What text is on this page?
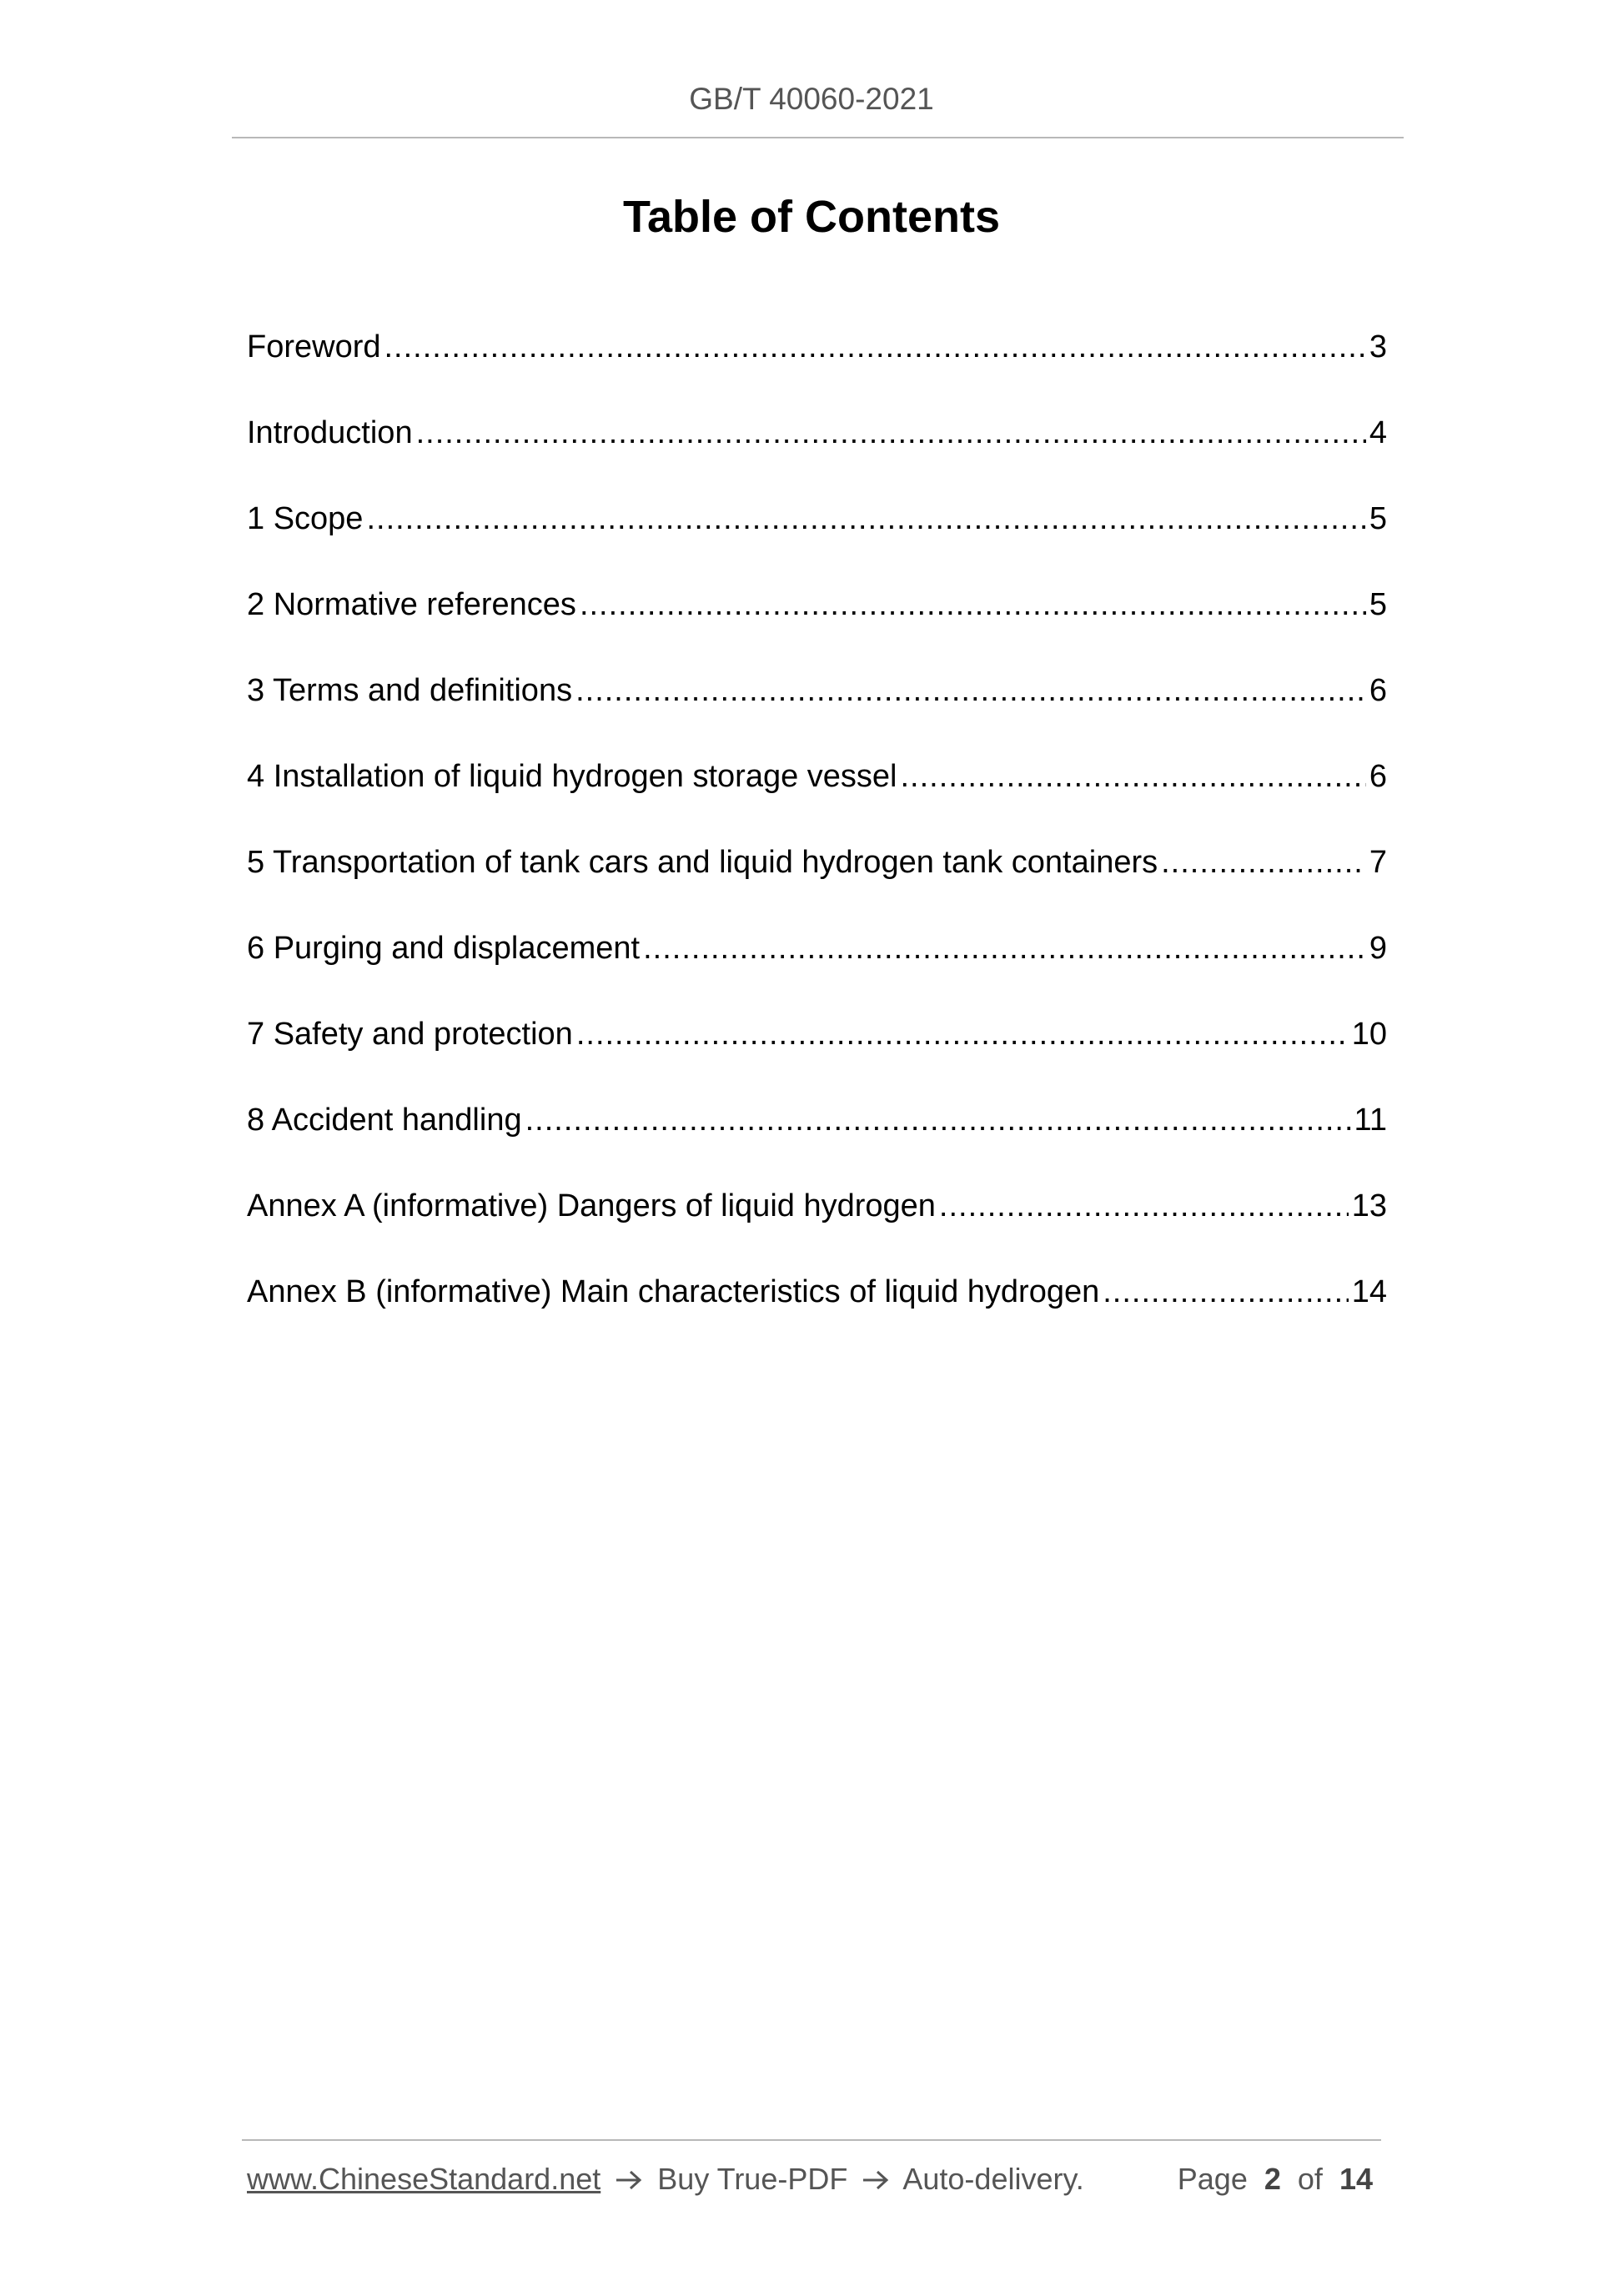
GB/T 40060-2021
Table of Contents
Foreword .....	3
Introduction .....	4
1 Scope .....	5
2 Normative references .....	5
3 Terms and definitions .....	6
4 Installation of liquid hydrogen storage vessel .....	6
5 Transportation of tank cars and liquid hydrogen tank containers .....	7
6 Purging and displacement .....	9
7 Safety and protection .....	10
8 Accident handling .....	11
Annex A (informative) Dangers of liquid hydrogen .....	13
Annex B (informative) Main characteristics of liquid hydrogen .....	14
www.ChineseStandard.net Buy True-PDF Auto-delivery.	Page 2 of 14
